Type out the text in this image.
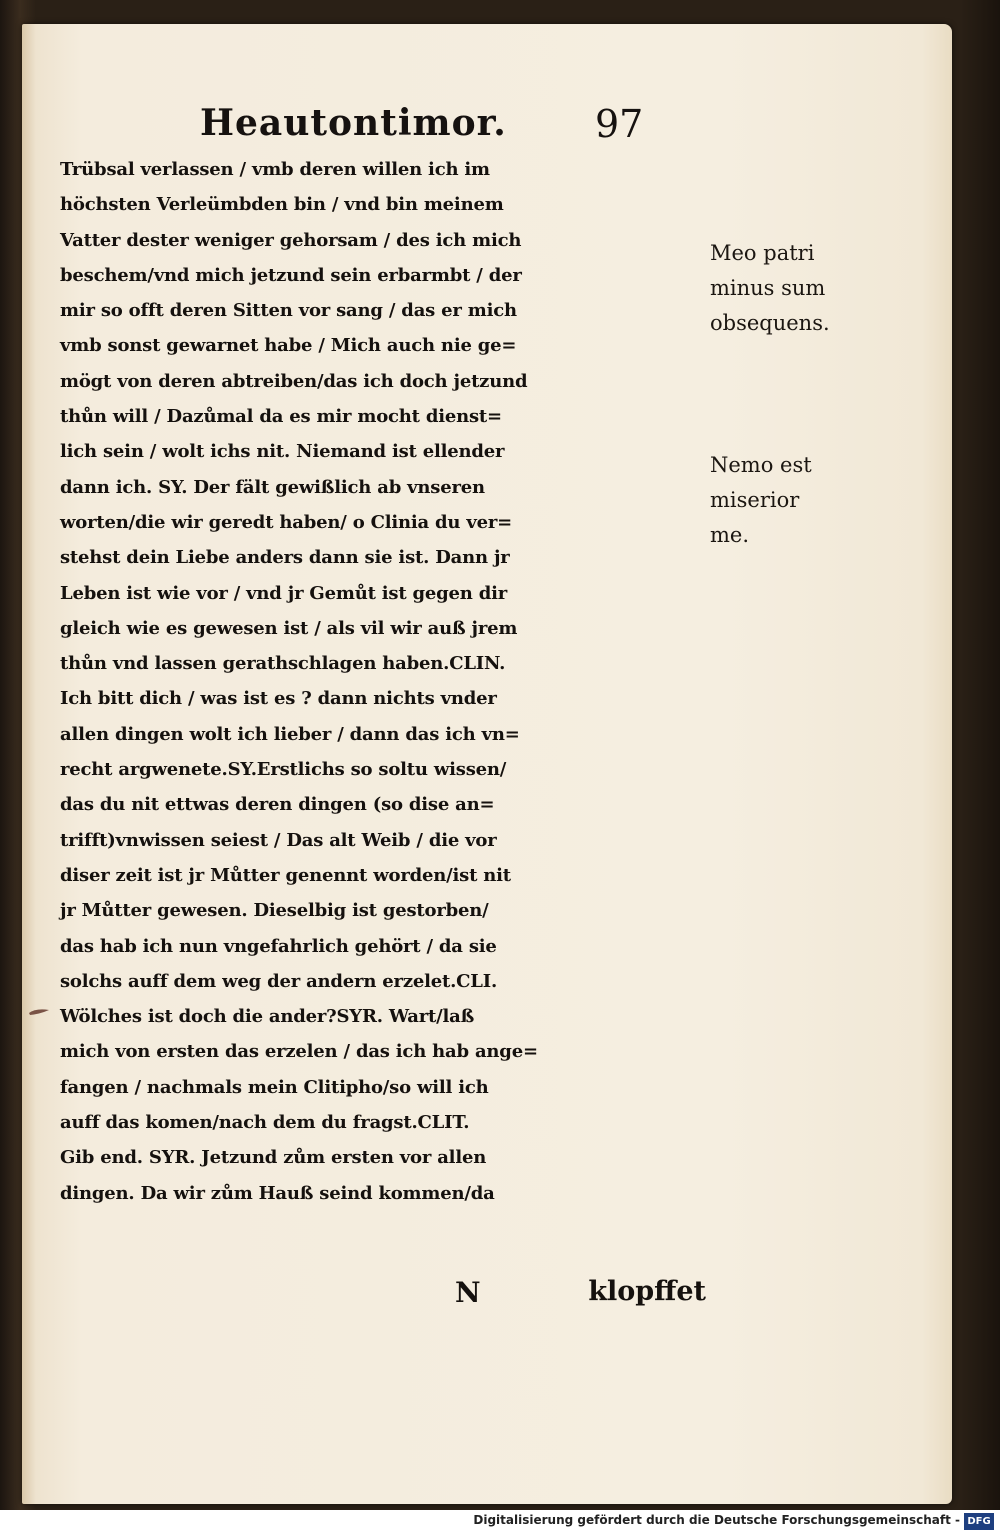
Heautontimor. 97
Trübsal verlassen / vmb deren willen ich im
höchsten Verleümbden bin / vnd bin meinem
Vatter dester weniger gehorsam / des ich mich
beschem/vnd mich jetzund sein erbarmbt / der
mir so offt deren Sitten vor sang / das er mich
vmb sonst gewarnet habe / Mich auch nie ge=
mögt von deren abtreiben/das ich doch jetzund
thůn will / Dazůmal da es mir mocht dienst=
lich sein / wolt ichs nit. Niemand ist ellender
dann ich. SY. Der fält gewißlich ab vnseren
worten/die wir geredt haben/ o Clinia du ver=
stehst dein Liebe anders dann sie ist. Dann jr
Leben ist wie vor / vnd jr Gemůt ist gegen dir
gleich wie es gewesen ist / als vil wir auß jrem
thůn vnd lassen gerathschlagen haben.CLIN.
Ich bitt dich / was ist es ? dann nichts vnder
allen dingen wolt ich lieber / dann das ich vn=
recht argwenete.SY.Erstlichs so soltu wissen/
das du nit ettwas deren dingen (so dise an=
trifft)vnwissen seiest / Das alt Weib / die vor
diser zeit ist jr Můtter genennt worden/ist nit
jr Můtter gewesen. Dieselbig ist gestorben/
das hab ich nun vngefahrlich gehört / da sie
solchs auff dem weg der andern erzelet.CLI.
Wölches ist doch die ander?SYR. Wart/laß
mich von ersten das erzelen / das ich hab ange=
fangen / nachmals mein Clitipho/so will ich
auff das komen/nach dem du fragst.CLIT.
Gib end. SYR. Jetzund zům ersten vor allen
dingen. Da wir zům Hauß seind kommen/da
N	klopffet
Meo patri
minus sum
obsequens.
Nemo est
miserior
me.
Digitalisierung gefördert durch die Deutsche Forschungsgemeinschaft - DFG
